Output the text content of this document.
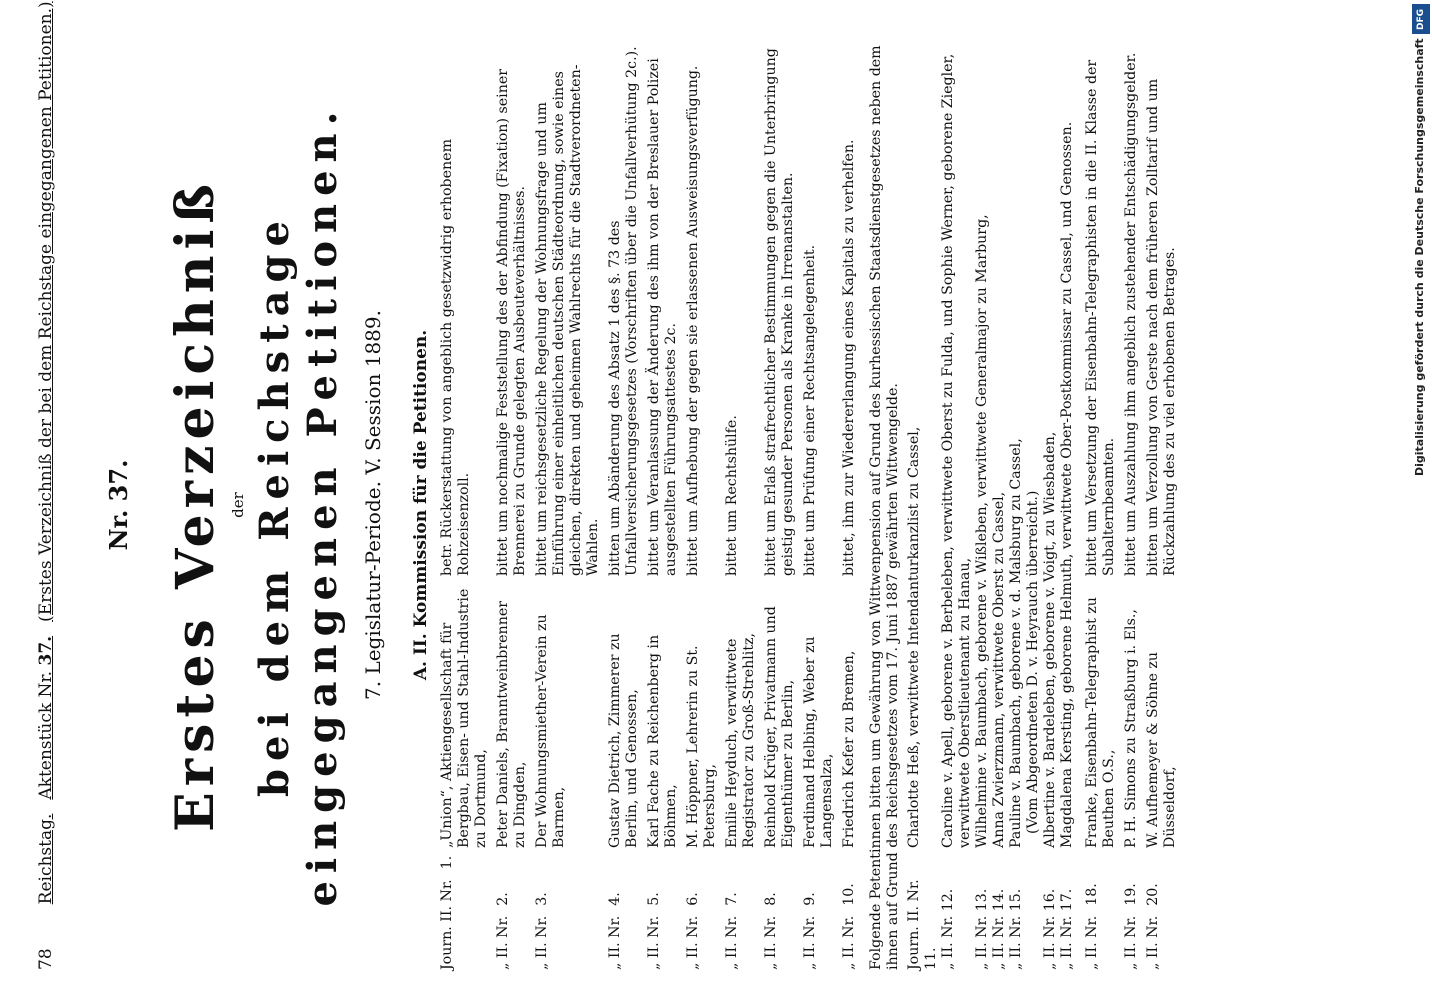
78
Reichstag.
Aktenstück Nr. 37.
(Erstes Verzeichniß der bei dem Reichstage eingegangenen Petitionen.) Nr. 37. Erstes Verzeichniß der bei dem Reichstage eingegangenen Petitionen. 7. Legislatur-Periode. V. Session 1889. A. II. Kommission für die Petitionen.
Journ. II. Nr.1.
„Union“, Aktiengesellschaft für Bergbau, Eisen- und Stahl-Industrie zu Dortmund,
betr. Rückerstattung von angeblich gesetzwidrig erhobenem Rohzeisenzoll.
„ II. Nr.2.
Peter Daniels, Branntweinbrenner zu Dingden,
bittet um nochmalige Feststellung des der Abfindung (Fixation) seiner Brennerei zu Grunde gelegten Ausbeuteverhältnisses.
„ II. Nr.3.
Der Wohnungsmiether-Verein zu Barmen,
bittet um reichsgesetzliche Regelung der Wohnungsfrage und um Einführung einer einheitlichen deutschen Städteordnung, sowie eines gleichen, direkten und geheimen Wahlrechts für die Stadtverordneten-Wahlen.
„ II. Nr.4.
Gustav Dietrich, Zimmerer zu Berlin, und Genossen,
bitten um Abänderung des Absatz 1 des §. 73 des Unfallversicherungsgesetzes (Vorschriften über die Unfallverhütung 2c.).
„ II. Nr.5.
Karl Fache zu Reichenberg in Böhmen,
bittet um Veranlassung der Änderung des ihm von der Breslauer Polizei ausgestellten Führungsattestes 2c.
„ II. Nr.6.
M. Höppner, Lehrerin zu St. Petersburg,
bittet um Aufhebung der gegen sie erlassenen Ausweisungsverfügung.
„ II. Nr.7.
Emilie Heyduch, verwittwete Registrator zu Groß-Strehlitz,
bittet um Rechtshülfe.
„ II. Nr.8.
Reinhold Krüger, Privatmann und Eigenthümer zu Berlin,
bittet um Erlaß strafrechtlicher Bestimmungen gegen die Unterbringung geistig gesunder Personen als Kranke in Irrenanstalten.
„ II. Nr.9.
Ferdinand Helbing, Weber zu Langensalza,
bittet um Prüfung einer Rechtsangelegenheit.
„ II. Nr.10.
Friedrich Kefer zu Bremen,
bittet, ihm zur Wiedererlangung eines Kapitals zu verhelfen. Folgende Petentinnen bitten um Gewährung von Wittwenpension auf Grund des kurhessischen Staatsdienstgesetzes neben dem ihnen auf Grund des Reichsgesetzes vom 17. Juni 1887 gewährten Wittwengelde. Journ. II. Nr. 11.
Charlotte Heß, verwittwete Intendanturkanzlist zu Cassel,
„ II. Nr. 12.
Caroline v. Apell, geborene v. Berbeleben, verwittwete Oberst zu Fulda, und Sophie Werner, geborene Ziegler, verwittwete Oberstlieutenant zu Hanau,
„ II. Nr. 13.
Wilhelmine v. Baumbach, geborene v. Wißleben, verwittwete Generalmajor zu Marburg,
„ II. Nr. 14.
Anna Zwierzmann, verwittwete Oberst zu Cassel,
„ II. Nr. 15.
Pauline v. Baumbach, geborene v. d. Malsburg zu Cassel, (Vom Abgeordneten D. v. Heyrauch überreicht.)
„ II. Nr. 16.
Albertine v. Bardeleben, geborene v. Voigt, zu Wiesbaden,
„ II. Nr. 17.
Magdalena Kersting, geborene Helmuth, verwittwete Ober-Postkommissar zu Cassel, und Genossen.
„ II. Nr.18.
Franke, Eisenbahn-Telegraphist zu Beuthen O.S.,
bittet um Versetzung der Eisenbahn-Telegraphisten in die II. Klasse der Subalternbeamten.
„ II. Nr.19.
P. H. Simons zu Straßburg i. Els.,
bittet um Auszahlung ihm angeblich zustehender Entschädigungsgelder.
„ II. Nr.20.
W. Aufhemeyer & Söhne zu Düsseldorf,
bitten um Verzollung von Gerste nach dem früheren Zolltarif und um Rückzahlung des zu viel erhobenen Betrages.
DFG
Digitalisierung gefördert durch die Deutsche Forschungsgemeinschaft
